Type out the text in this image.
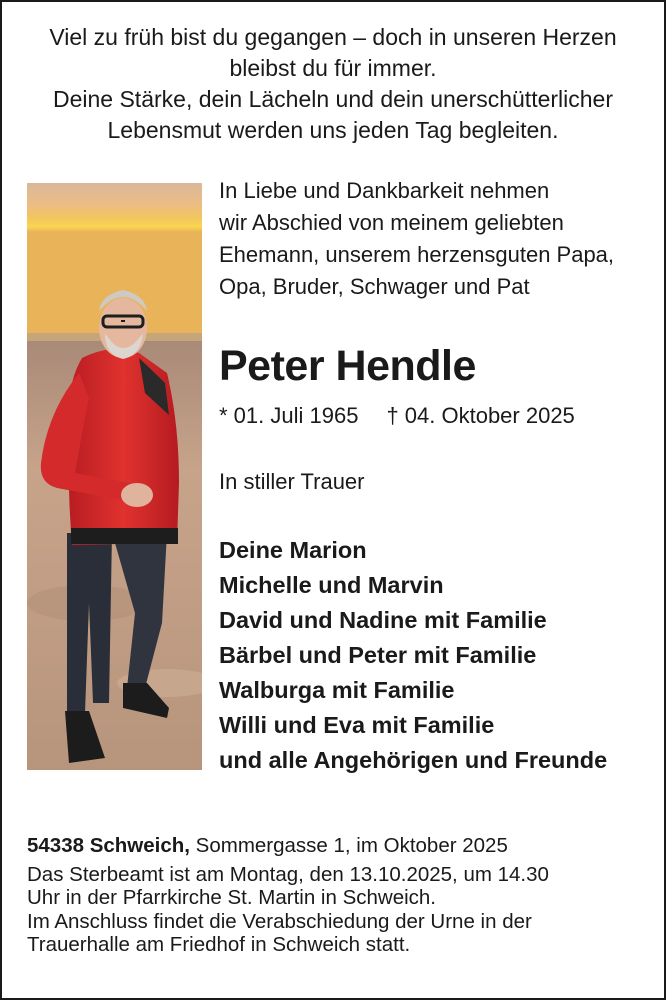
Viel zu früh bist du gegangen – doch in unseren Herzen
bleibst du für immer.
Deine Stärke, dein Lächeln und dein unerschütterlicher
Lebensmut werden uns jeden Tag begleiten.
In Liebe und Dankbarkeit nehmen
wir Abschied von meinem geliebten
Ehemann, unserem herzensguten Papa,
Opa, Bruder, Schwager und Pat
Peter Hendle
* 01. Juli 1965 † 04. Oktober 2025
In stiller Trauer
Deine Marion
Michelle und Marvin
David und Nadine mit Familie
Bärbel und Peter mit Familie
Walburga mit Familie
Willi und Eva mit Familie
und alle Angehörigen und Freunde
54338 Schweich, Sommergasse 1, im Oktober 2025
Das Sterbeamt ist am Montag, den 13.10.2025, um 14.30
Uhr in der Pfarrkirche St. Martin in Schweich.
Im Anschluss findet die Verabschiedung der Urne in der
Trauerhalle am Friedhof in Schweich statt.
